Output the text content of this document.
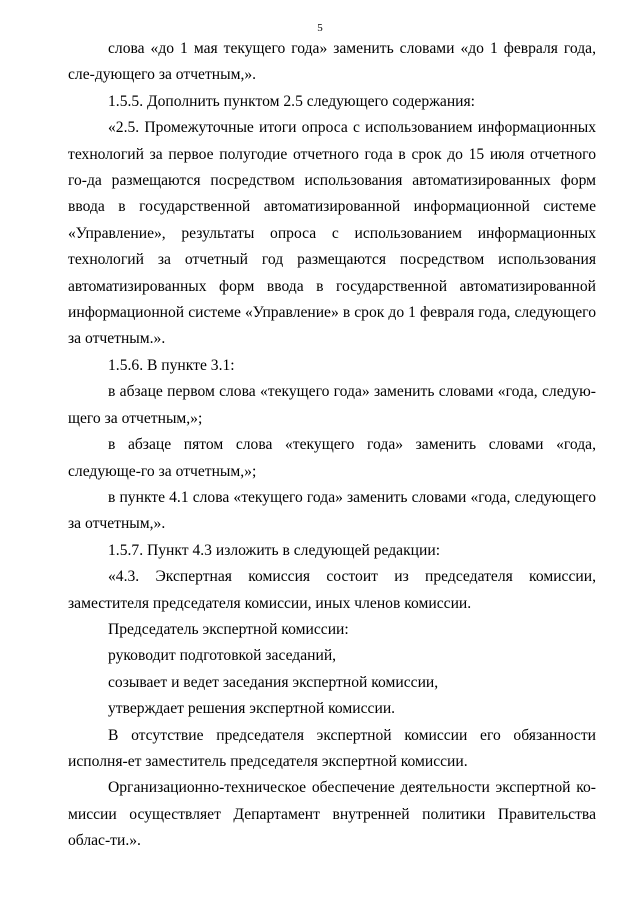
5

слова «до 1 мая текущего года» заменить словами «до 1 февраля года, сле-дующего за отчетным,».

1.5.5. Дополнить пунктом 2.5 следующего содержания:

«2.5. Промежуточные итоги опроса с использованием информационных технологий за первое полугодие отчетного года в срок до 15 июля отчетного го-да размещаются посредством использования автоматизированных форм ввода в государственной автоматизированной информационной системе «Управление», результаты опроса с использованием информационных технологий за отчетный год размещаются посредством использования автоматизированных форм ввода в государственной автоматизированной информационной системе «Управление» в срок до 1 февраля года, следующего за отчетным.».

1.5.6. В пункте 3.1:

в абзаце первом слова «текущего года» заменить словами «года, следую-щего за отчетным,»;

в абзаце пятом слова «текущего года» заменить словами «года, следующе-го за отчетным,»;

в пункте 4.1 слова «текущего года» заменить словами «года, следующего за отчетным,».

1.5.7. Пункт 4.3 изложить в следующей редакции:

«4.3. Экспертная комиссия состоит из председателя комиссии, заместителя председателя комиссии, иных членов комиссии.

Председатель экспертной комиссии:

руководит подготовкой заседаний,

созывает и ведет заседания экспертной комиссии,

утверждает решения экспертной комиссии.

В отсутствие председателя экспертной комиссии его обязанности исполня-ет заместитель председателя экспертной комиссии.

Организационно-техническое обеспечение деятельности экспертной ко-миссии осуществляет Департамент внутренней политики Правительства облас-ти.».
